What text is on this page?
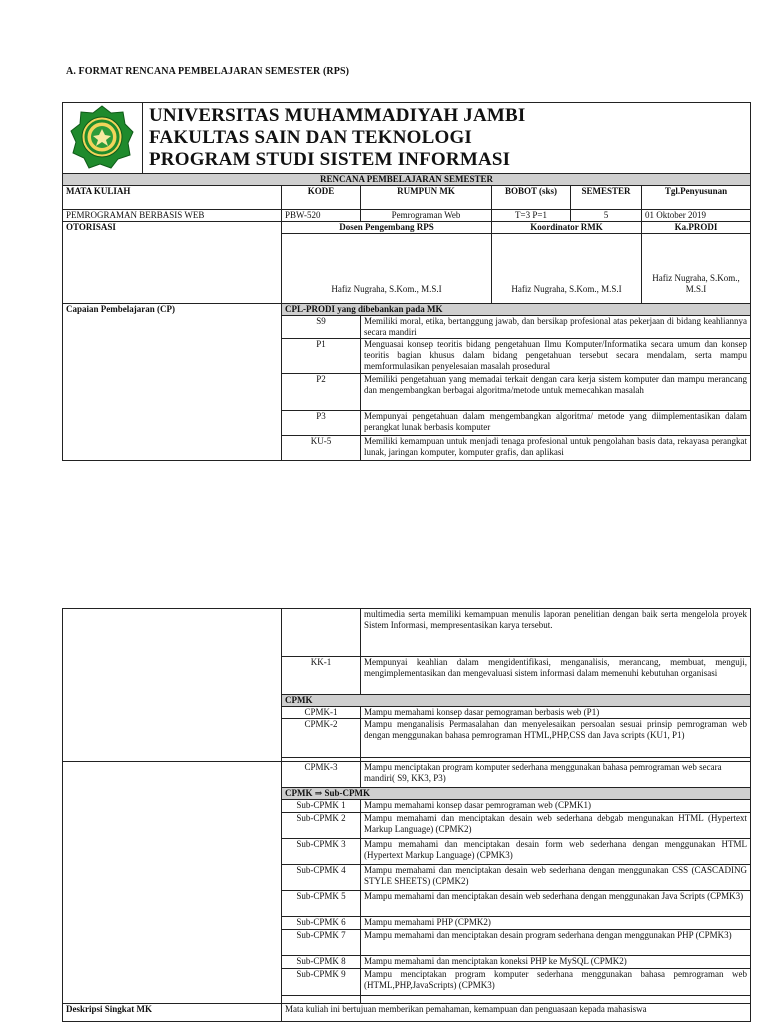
A. FORMAT RENCANA PEMBELAJARAN SEMESTER (RPS)

UNIVERSITAS MUHAMMADIYAH JAMBI
FAKULTAS SAIN DAN TEKNOLOGI
PROGRAM STUDI SISTEM INFORMASI					

RENCANA PEMBELAJARAN SEMESTER						
MATA KULIAH		KODE	RUMPUN MK	BOBOT (sks)	SEMESTER	Tgl.Penyusunan
PEMROGRAMAN BERBASIS WEB		PBW-520	Pemrograman Web	T=3 P=1	5	01 Oktober 2019
OTORISASI		Dosen Pengembang RPS		Koordinator RMK		Ka.PRODI
		Hafiz Nugraha, S.Kom., M.S.I		Hafiz Nugraha, S.Kom., M.S.I		Hafiz Nugraha, S.Kom., M.S.I
Capaian Pembelajaran (CP)		CPL-PRODI yang dibebankan pada MK				
		S9	Memiliki moral, etika, bertanggung jawab, dan bersikap profesional atas pekerjaan di bidang keahliannya secara mandiri			
		P1	Menguasai konsep teoritis bidang pengetahuan Ilmu Komputer/Informatika secara umum dan konsep teoritis bagian khusus dalam bidang pengetahuan tersebut secara mendalam, serta mampu memformulasikan penyelesaian masalah prosedural			
		P2	Memiliki pengetahuan yang memadai terkait dengan cara kerja sistem komputer dan mampu merancang dan mengembangkan berbagai algoritma/metode untuk memecahkan masalah			
		P3	Mempunyai pengetahuan dalam mengembangkan algoritma/ metode yang diimplementasikan dalam perangkat lunak berbasis komputer			
		KU-5	Memiliki kemampuan untuk menjadi tenaga profesional untuk pengolahan basis data, rekayasa perangkat lunak, jaringan komputer, komputer grafis, dan aplikasi			
		multimedia serta memiliki kemampuan menulis laporan penelitian dengan baik serta mengelola proyek Sistem Informasi, mempresentasikan karya tersebut.
	KK-1	Mempunyai keahlian dalam mengidentifikasi, menganalisis, merancang, membuat, menguji, mengimplementasikan dan mengevaluasi sistem informasi dalam memenuhi kebutuhan organisasi
	CPMK	
	CPMK-1	Mampu memahami konsep dasar pemograman berbasis web (P1)
	CPMK-2	Mampu menganalisis Permasalahan dan menyelesaikan persoalan sesuai prinsip pemrograman web dengan menggunakan bahasa pemrograman HTML,PHP,CSS dan Java scripts (KU1, P1)

	CPMK-3	Mampu menciptakan program komputer sederhana menggunakan bahasa pemrograman web secara mandiri( S9, KK3, P3)
	CPMK ⇒ Sub-CPMK	
	Sub-CPMK 1	Mampu memahami konsep dasar pemrograman web (CPMK1)
	Sub-CPMK 2	Mampu memahami dan menciptakan desain web sederhana debgab mengunakan HTML (Hypertext Markup Language) (CPMK2)
	Sub-CPMK 3	Mampu memahami dan menciptakan desain form web sederhana dengan menggunakan HTML (Hypertext Markup Language) (CPMK3)
	Sub-CPMK 4	Mampu memahami dan menciptakan desain web sederhana dengan menggunakan CSS (CASCADING STYLE SHEETS) (CPMK2)
	Sub-CPMK 5	Mampu memahami dan menciptakan desain web sederhana dengan menggunakan Java Scripts (CPMK3)
	Sub-CPMK 6	Mampu memahami PHP (CPMK2)
	Sub-CPMK 7	Mampu memahami dan menciptakan desain program sederhana dengan menggunakan PHP (CPMK3)
	Sub-CPMK 8	Mampu memahami dan menciptakan koneksi PHP ke MySQL (CPMK2)
	Sub-CPMK 9	Mampu menciptakan program komputer sederhana menggunakan bahasa pemrograman web (HTML,PHP,JavaScripts) (CPMK3)

Deskripsi Singkat MK	Mata kuliah ini bertujuan memberikan pemahaman, kemampuan dan penguasaan kepada mahasiswa	
